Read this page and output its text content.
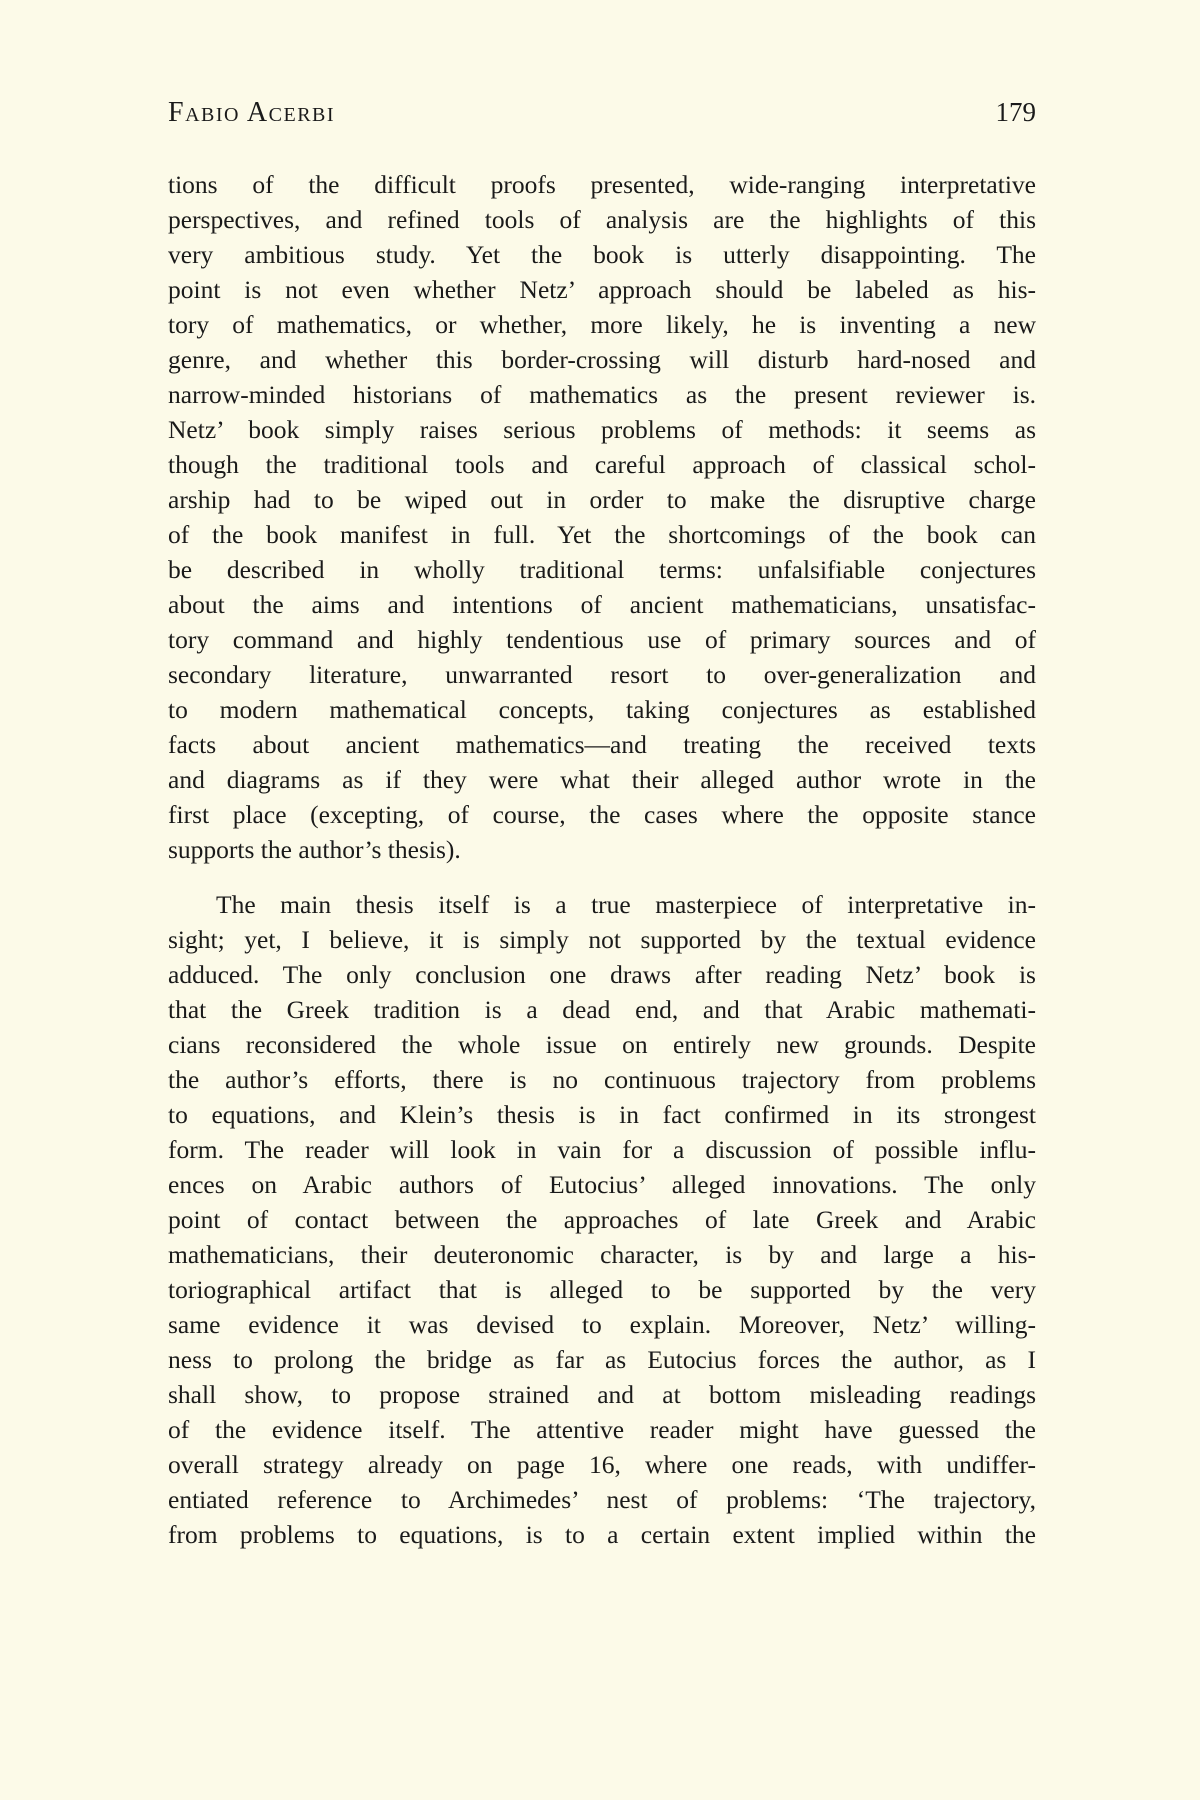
Fabio Acerbi	179
tions of the difficult proofs presented, wide-ranging interpretative
perspectives, and refined tools of analysis are the highlights of this
very ambitious study. Yet the book is utterly disappointing. The
point is not even whether Netz’ approach should be labeled as his-
tory of mathematics, or whether, more likely, he is inventing a new
genre, and whether this border-crossing will disturb hard-nosed and
narrow-minded historians of mathematics as the present reviewer is.
Netz’ book simply raises serious problems of methods: it seems as
though the traditional tools and careful approach of classical schol-
arship had to be wiped out in order to make the disruptive charge
of the book manifest in full. Yet the shortcomings of the book can
be described in wholly traditional terms: unfalsifiable conjectures
about the aims and intentions of ancient mathematicians, unsatisfac-
tory command and highly tendentious use of primary sources and of
secondary literature, unwarranted resort to over-generalization and
to modern mathematical concepts, taking conjectures as established
facts about ancient mathematics—and treating the received texts
and diagrams as if they were what their alleged author wrote in the
first place (excepting, of course, the cases where the opposite stance
supports the author’s thesis).
The main thesis itself is a true masterpiece of interpretative in-
sight; yet, I believe, it is simply not supported by the textual evidence
adduced. The only conclusion one draws after reading Netz’ book is
that the Greek tradition is a dead end, and that Arabic mathemati-
cians reconsidered the whole issue on entirely new grounds. Despite
the author’s efforts, there is no continuous trajectory from problems
to equations, and Klein’s thesis is in fact confirmed in its strongest
form. The reader will look in vain for a discussion of possible influ-
ences on Arabic authors of Eutocius’ alleged innovations. The only
point of contact between the approaches of late Greek and Arabic
mathematicians, their deuteronomic character, is by and large a his-
toriographical artifact that is alleged to be supported by the very
same evidence it was devised to explain. Moreover, Netz’ willing-
ness to prolong the bridge as far as Eutocius forces the author, as I
shall show, to propose strained and at bottom misleading readings
of the evidence itself. The attentive reader might have guessed the
overall strategy already on page 16, where one reads, with undiffer-
entiated reference to Archimedes’ nest of problems: ‘The trajectory,
from problems to equations, is to a certain extent implied within the
